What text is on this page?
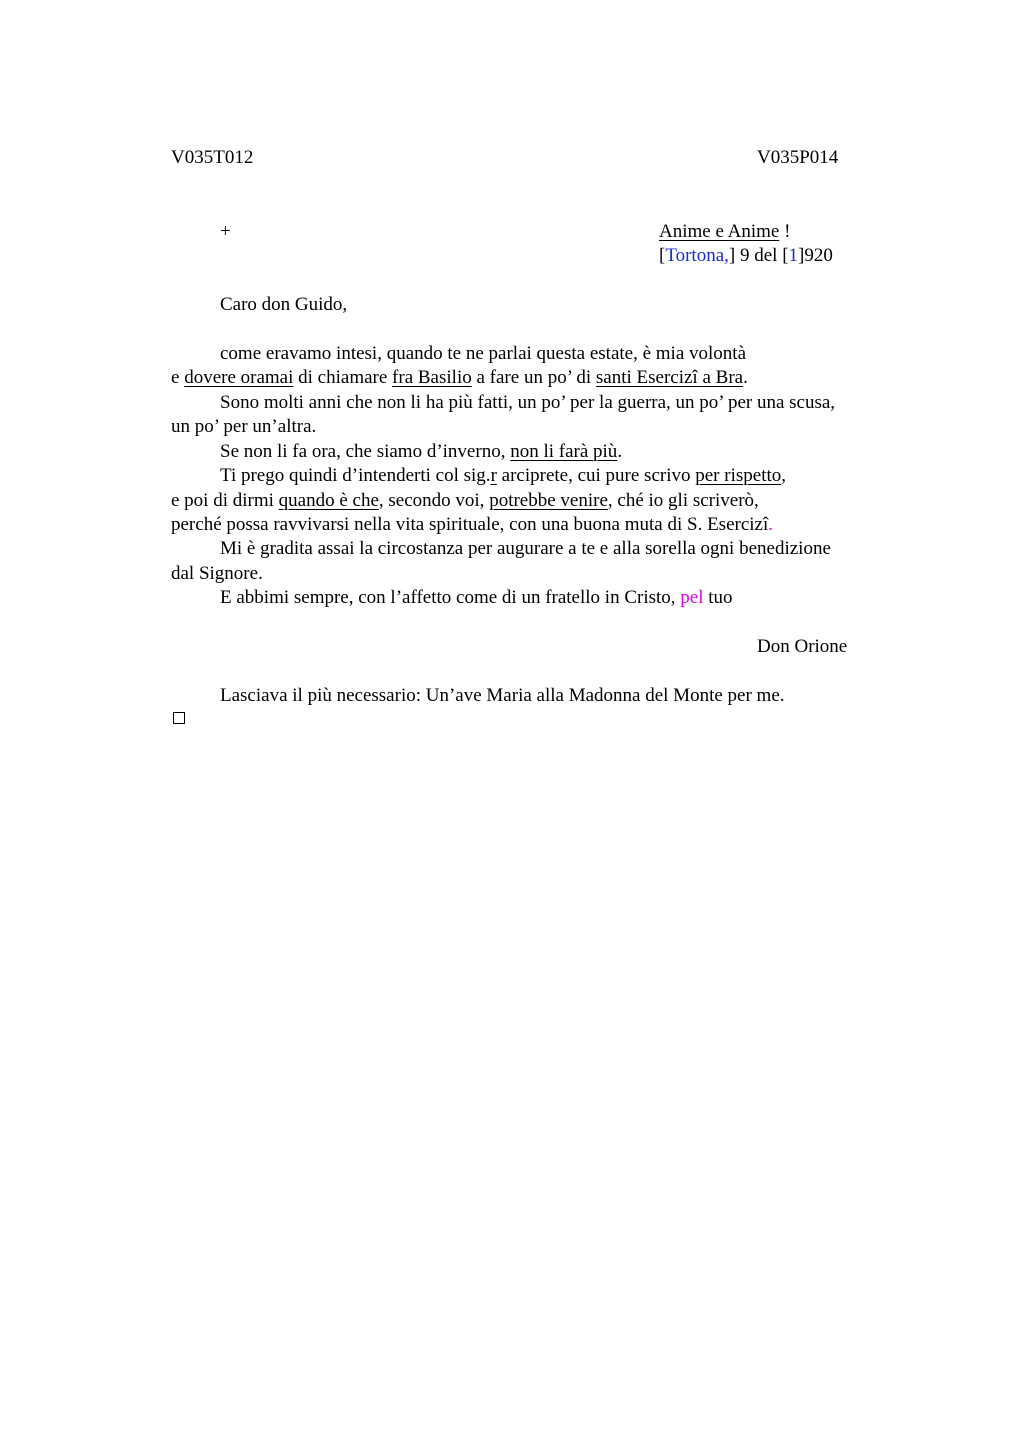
V035T012	V035P014
+	Anime e Anime !
[Tortona,] 9 del [1]920
Caro don Guido,
come eravamo intesi, quando te ne parlai questa estate, è mia volontà
e dovere oramai di chiamare fra Basilio a fare un po’ di santi Esercizi a Bra.
Sono molti anni che non li ha più fatti, un po’ per la guerra, un po’ per una scusa,
un po’ per un’altra.
Se non li fa ora, che siamo d’inverno, non li farà più.
Ti prego quindi d’intenderti col sig.r arciprete, cui pure scrivo per rispetto,
e poi di dirmi quando è che, secondo voi, potrebbe venire, ché io gli scriverò,
perché possa ravvivarsi nella vita spirituale, con una buona muta di S. Esercizî.
Mi è gradita assai la circostanza per augurare a te e alla sorella ogni benedizione
dal Signore.
E abbimi sempre, con l’affetto come di un fratello in Cristo, pel tuo
Don Orione
Lasciava il più necessario: Un’ave Maria alla Madonna del Monte per me.
